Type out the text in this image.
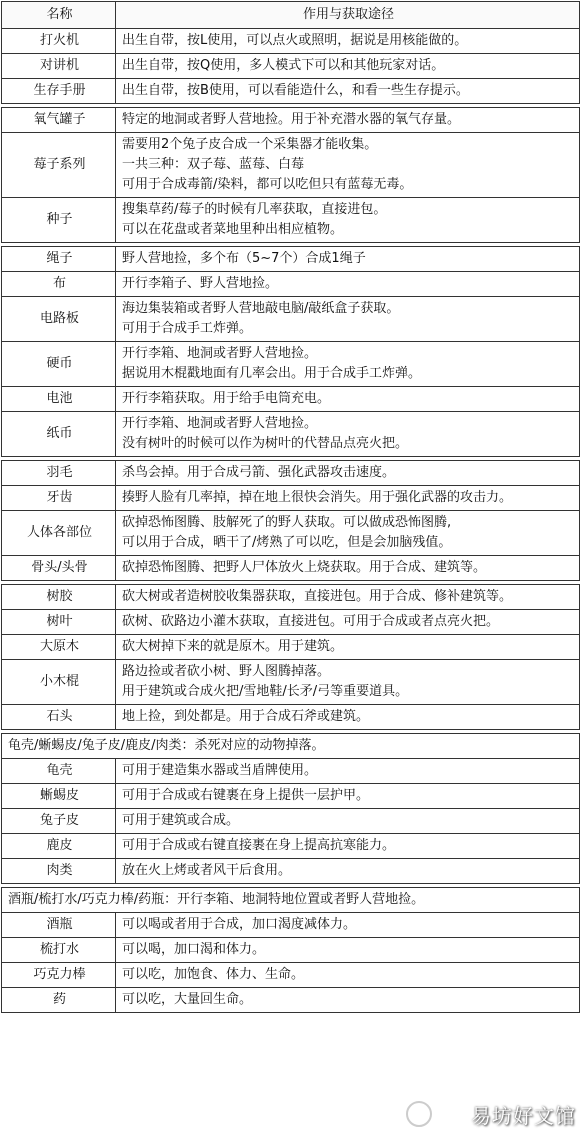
名称	作用与获取途径
打火机	出生自带，按L使用，可以点火或照明，据说是用核能做的。

对讲机	出生自带，按Q使用，多人模式下可以和其他玩家对话。

生存手册	出生自带，按B使用，可以看能造什么，和看一些生存提示。

氧气罐子	特定的地洞或者野人营地捡。用于补充潜水器的氧气存量。

莓子系列	需要用2个兔子皮合成一个采集器才能收集。
一共三种：双子莓、蓝莓、白莓
可用于合成毒箭/染料，都可以吃但只有蓝莓无毒。

种子	搜集草药/莓子的时候有几率获取，直接进包。
可以在花盘或者菜地里种出相应植物。

绳子	野人营地捡，多个布（5~7个）合成1绳子

布	开行李箱子、野人营地捡。

电路板	海边集装箱或者野人营地敲电脑/敲纸盒子获取。
可用于合成手工炸弹。

硬币	开行李箱、地洞或者野人营地捡。
据说用木棍戳地面有几率会出。用于合成手工炸弹。

电池	开行李箱获取。用于给手电筒充电。

纸币	开行李箱、地洞或者野人营地捡。
没有树叶的时候可以作为树叶的代替品点亮火把。

羽毛	杀鸟会掉。用于合成弓箭、强化武器攻击速度。

牙齿	揍野人脸有几率掉，掉在地上很快会消失。用于强化武器的攻击力。

人体各部位	砍掉恐怖图腾、肢解死了的野人获取。可以做成恐怖图腾,
可以用于合成，晒干了/烤熟了可以吃，但是会加脑残值。

骨头/头骨	砍掉恐怖图腾、把野人尸体放火上烧获取。用于合成、建筑等。

树胶	砍大树或者造树胶收集器获取，直接进包。用于合成、修补建筑等。

树叶	砍树、砍路边小灌木获取，直接进包。可用于合成或者点亮火把。

大原木	砍大树掉下来的就是原木。用于建筑。

小木棍	路边捡或者砍小树、野人图腾掉落。
用于建筑或合成火把/雪地鞋/长矛/弓等重要道具。

石头	地上捡，到处都是。用于合成石斧或建筑。

龟壳/蜥蜴皮/兔子皮/鹿皮/肉类：杀死对应的动物掉落。	
龟壳	可用于建造集水器或当盾牌使用。

蜥蜴皮	可用于合成或右键裹在身上提供一层护甲。

兔子皮	可用于建筑或合成。

鹿皮	可用于合成或右键直接裹在身上提高抗寒能力。

肉类	放在火上烤或者风干后食用。

酒瓶/梳打水/巧克力棒/药瓶：开行李箱、地洞特地位置或者野人营地捡。	
酒瓶	可以喝或者用于合成，加口渴度减体力。

梳打水	可以喝，加口渴和体力。

巧克力棒	可以吃，加饱食、体力、生命。

药	可以吃，大量回生命。
易坊好文馆
